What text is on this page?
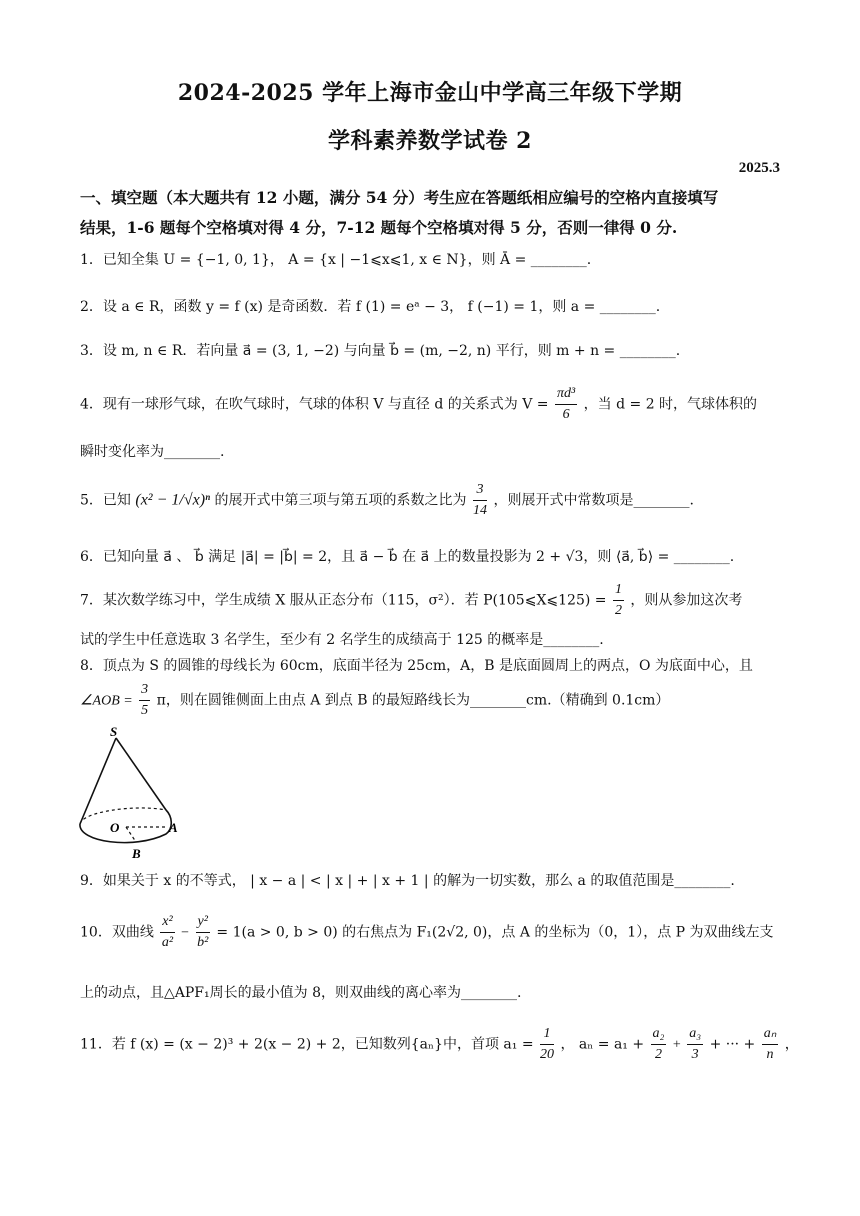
2024-2025 学年上海市金山中学高三年级下学期
学科素养数学试卷 2
2025.3
一、填空题（本大题共有 12 小题，满分 54 分）考生应在答题纸相应编号的空格内直接填写
结果，1-6 题每个空格填对得 4 分，7-12 题每个空格填对得 5 分，否则一律得 0 分.
1．已知全集 U = {−1, 0, 1}， A = {x | −1⩽x⩽1, x ∈ N}，则 Ā = ________.
2．设 a ∈ R，函数 y = f (x) 是奇函数．若 f (1) = eᵃ − 3， f (−1) = 1，则 a = ________.
3．设 m, n ∈ R．若向量 a⃗ = (3, 1, −2) 与向量 b⃗ = (m, −2, n) 平行，则 m + n = ________.
4．现有一球形气球，在吹气球时，气球的体积 V 与直径 d 的关系式为 $V = \frac{\text{πd³}}{6}$ ，当 d = 2 时，气球体积的
瞬时变化率为________.
5．已知 (x² − 1/√x)ⁿ 的展开式中第三项与第五项的系数之比为 $\frac{3}{14}$ ，则展开式中常数项是________.
6．已知向量 a⃗ 、 b⃗ 满足 |a⃗| = |b⃗| = 2，且 a⃗ − b⃗ 在 a⃗ 上的数量投影为 2 + √3，则 ⟨a⃗, b⃗⟩ = ________.
7．某次数学练习中，学生成绩 X 服从正态分布（115，σ²）．若 P(105⩽X⩽125) = $\frac{1}{2}$ ，则从参加这次考
试的学生中任意选取 3 名学生，至少有 2 名学生的成绩高于 125 的概率是________.
8．顶点为 S 的圆锥的母线长为 60cm，底面半径为 25cm，A，B 是底面圆周上的两点，O 为底面中心，且
∠AOB = $\frac{3}{5}$ π，则在圆锥侧面上由点 A 到点 B 的最短路线长为________cm.（精确到 0.1cm）
S
O	A
B
9．如果关于 x 的不等式， | x − a | < | x | + | x + 1 | 的解为一切实数，那么 a 的取值范围是________.
10．双曲线 $\frac{\text{x²}}{\text{a²}} - \frac{\text{y²}}{\text{b²}} = 1(a > 0$, b > 0) 的右焦点为 F₁(2√2, 0)，点 A 的坐标为（0，1），点 P 为双曲线左支
上的动点，且△APF₁周长的最小值为 8，则双曲线的离心率为________.
11．若 f (x) = (x − 2)³ + 2(x − 2) + 2，已知数列{aₙ}中，首项 $a_1 = \frac{1}{20}$ ， $a_n = a_1 + \frac{\text{a₂}}{2} + \frac{\text{a₃}}{3}$ + ··· + $\frac{\text{aₙ}}{n}$ ，
